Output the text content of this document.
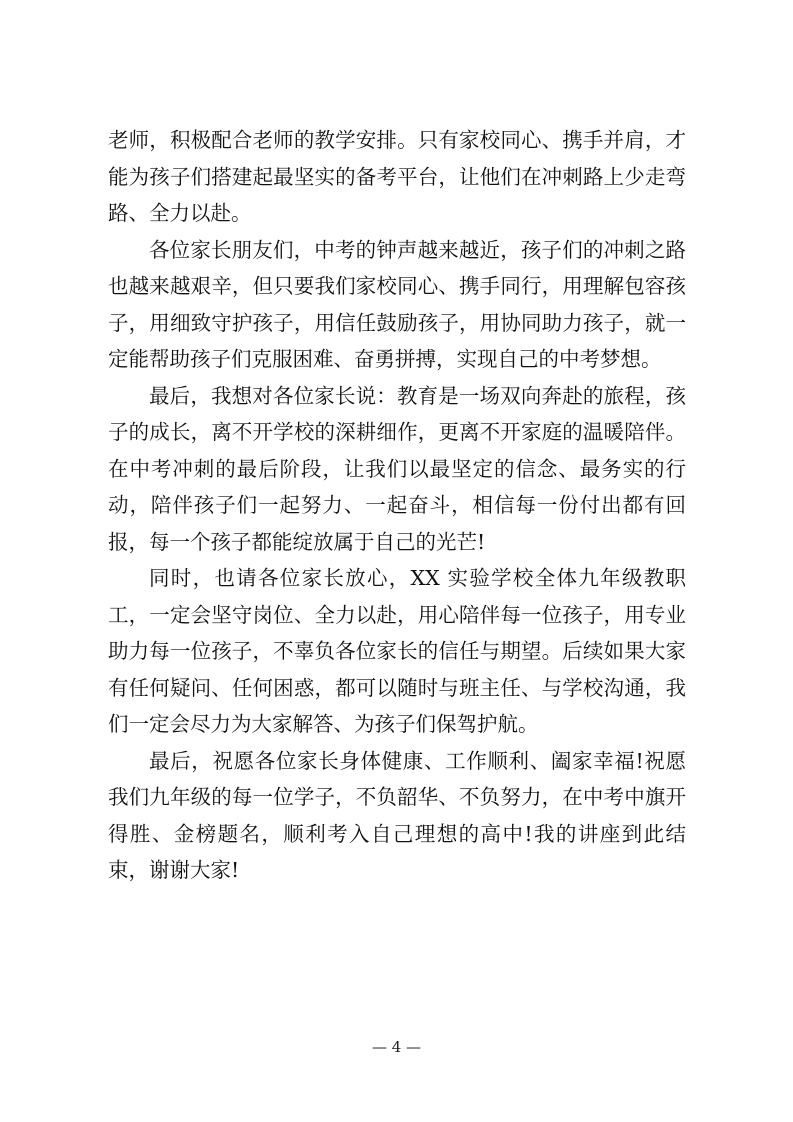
老师，积极配合老师的教学安排。只有家校同心、携手并肩，才能为孩子们搭建起最坚实的备考平台，让他们在冲刺路上少走弯路、全力以赴。

各位家长朋友们，中考的钟声越来越近，孩子们的冲刺之路也越来越艰辛，但只要我们家校同心、携手同行，用理解包容孩子，用细致守护孩子，用信任鼓励孩子，用协同助力孩子，就一定能帮助孩子们克服困难、奋勇拼搏，实现自己的中考梦想。

最后，我想对各位家长说：教育是一场双向奔赴的旅程，孩子的成长，离不开学校的深耕细作，更离不开家庭的温暖陪伴。在中考冲刺的最后阶段，让我们以最坚定的信念、最务实的行动，陪伴孩子们一起努力、一起奋斗，相信每一份付出都有回报，每一个孩子都能绽放属于自己的光芒!

同时，也请各位家长放心，XX 实验学校全体九年级教职工，一定会坚守岗位、全力以赴，用心陪伴每一位孩子，用专业助力每一位孩子，不辜负各位家长的信任与期望。后续如果大家有任何疑问、任何困惑，都可以随时与班主任、与学校沟通，我们一定会尽力为大家解答、为孩子们保驾护航。

最后，祝愿各位家长身体健康、工作顺利、阖家幸福!祝愿我们九年级的每一位学子，不负韶华、不负努力，在中考中旗开得胜、金榜题名，顺利考入自己理想的高中!我的讲座到此结束，谢谢大家!

— 4 —
